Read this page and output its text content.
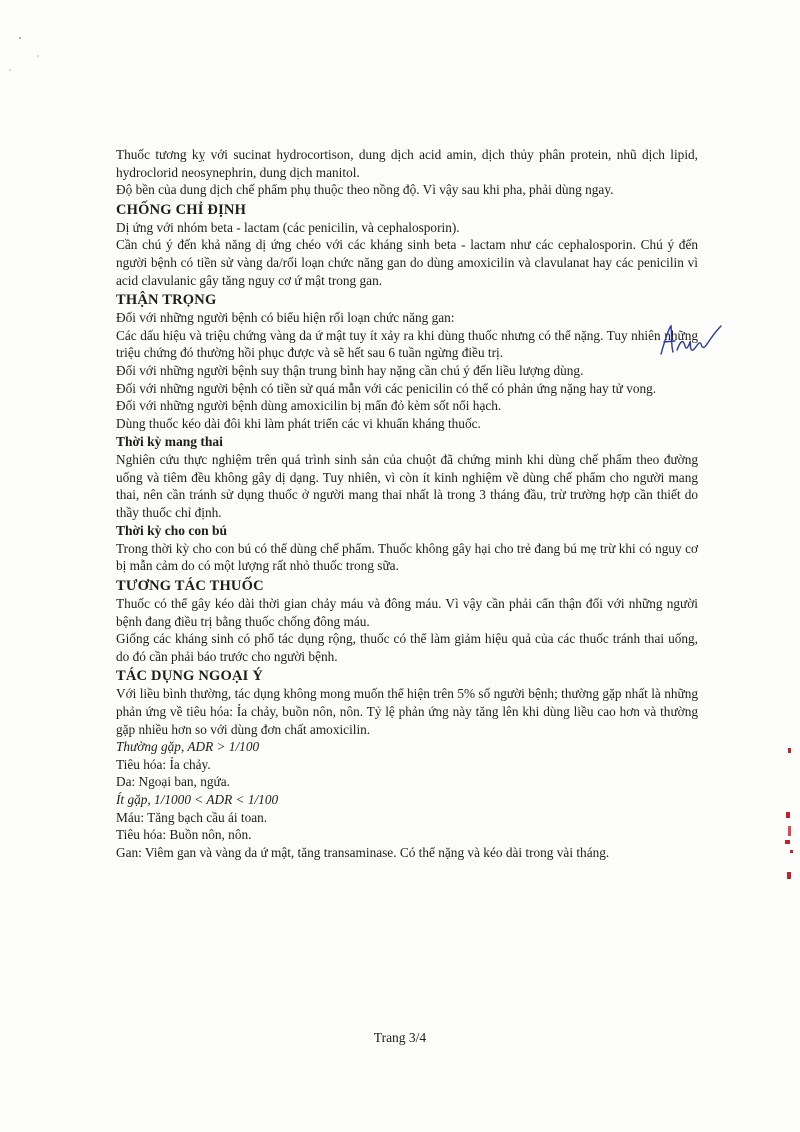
Thuốc tương kỵ với sucinat hydrocortison, dung dịch acid amin, dịch thủy phân protein, nhũ dịch lipid, hydroclorid neosynephrin, dung dịch manitol.

Độ bền của dung dịch chế phẩm phụ thuộc theo nồng độ. Vì vậy sau khi pha, phải dùng ngay.

CHỐNG CHỈ ĐỊNH

Dị ứng với nhóm beta - lactam (các penicilin, và cephalosporin).

Cần chú ý đến khả năng dị ứng chéo với các kháng sinh beta - lactam như các cephalosporin. Chú ý đến người bệnh có tiền sử vàng da/rối loạn chức năng gan do dùng amoxicilin và clavulanat hay các penicilin vì acid clavulanic gây tăng nguy cơ ứ mật trong gan.

THẬN TRỌNG

Đối với những người bệnh có biểu hiện rối loạn chức năng gan:

Các dấu hiệu và triệu chứng vàng da ứ mật tuy ít xảy ra khi dùng thuốc nhưng có thể nặng. Tuy nhiên những triệu chứng đó thường hồi phục được và sẽ hết sau 6 tuần ngừng điều trị.

Đối với những người bệnh suy thận trung bình hay nặng cần chú ý đến liều lượng dùng.

Đối với những người bệnh có tiền sử quá mẫn với các penicilin có thể có phản ứng nặng hay tử vong.

Đối với những người bệnh dùng amoxicilin bị mẩn đỏ kèm sốt nổi hạch.

Dùng thuốc kéo dài đôi khi làm phát triển các vi khuẩn kháng thuốc.

Thời kỳ mang thai

Nghiên cứu thực nghiệm trên quá trình sinh sản của chuột đã chứng minh khi dùng chế phẩm theo đường uống và tiêm đều không gây dị dạng. Tuy nhiên, vì còn ít kinh nghiệm về dùng chế phẩm cho người mang thai, nên cần tránh sử dụng thuốc ở người mang thai nhất là trong 3 tháng đầu, trừ trường hợp cần thiết do thầy thuốc chỉ định.

Thời kỳ cho con bú

Trong thời kỳ cho con bú có thể dùng chế phẩm. Thuốc không gây hại cho trẻ đang bú mẹ trừ khi có nguy cơ bị mẫn cảm do có một lượng rất nhỏ thuốc trong sữa.

TƯƠNG TÁC THUỐC

Thuốc có thể gây kéo dài thời gian chảy máu và đông máu. Vì vậy cần phải cẩn thận đối với những người bệnh đang điều trị bằng thuốc chống đông máu.

Giống các kháng sinh có phổ tác dụng rộng, thuốc có thể làm giảm hiệu quả của các thuốc tránh thai uống, do đó cần phải báo trước cho người bệnh.

TÁC DỤNG NGOẠI Ý

Với liều bình thường, tác dụng không mong muốn thể hiện trên 5% số người bệnh; thường gặp nhất là những phản ứng về tiêu hóa: Ỉa chảy, buồn nôn, nôn. Tỷ lệ phản ứng này tăng lên khi dùng liều cao hơn và thường gặp nhiều hơn so với dùng đơn chất amoxicilin.

Thường gặp, ADR > 1/100

Tiêu hóa: Ỉa chảy.

Da: Ngoại ban, ngứa.

Ít gặp, 1/1000 < ADR < 1/100

Máu: Tăng bạch cầu ái toan.

Tiêu hóa: Buồn nôn, nôn.

Gan: Viêm gan và vàng da ứ mật, tăng transaminase. Có thể nặng và kéo dài trong vài tháng.

Trang 3/4
